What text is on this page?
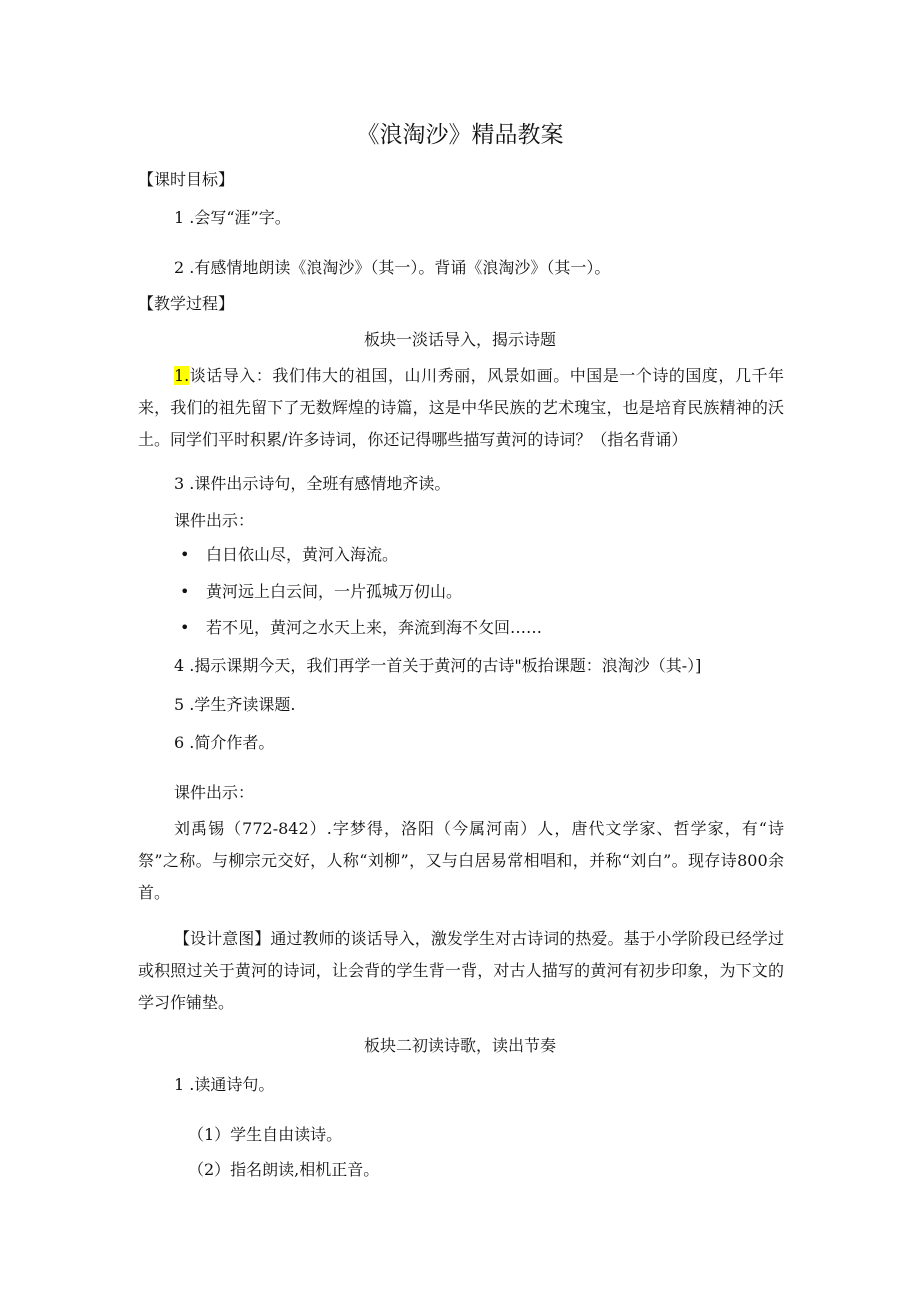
《浪淘沙》精品教案
【课时目标】
1 .会写“涯”字。
2 .有感情地朗读《浪淘沙》（其一）。背诵《浪淘沙》（其一）。
【教学过程】
板块一淡话导入，揭示诗题
1.谈话导入：我们伟大的祖国，山川秀丽，风景如画。中国是一个诗的国度，几千年来，我们的祖先留下了无数辉煌的诗篇，这是中华民族的艺术瑰宝，也是培育民族精神的沃土。同学们平时积累/许多诗词，你还记得哪些描写黄河的诗词？（指名背诵）
3 .课件出示诗句，全班有感情地齐读。
课件出示：
• 白日依山尽，黄河入海流。
• 黄河远上白云间，一片孤城万仞山。
• 若不见，黄河之水天上来，奔流到海不攵回……
4 .揭示课期今天，我们再学一首关于黄河的古诗"板抬课题：浪淘沙（其-）]
5 .学生齐读课题.
6 .简介作者。
课件出示：
刘禹锡（772-842）.字梦得，洛阳（今属河南）人，唐代文学家、哲学家，有“诗祭”之称。与柳宗元交好，人称“刘柳”，又与白居易常相唱和，并称“刘白”。现存诗800余首。
【设计意图】通过教师的谈话导入，激发学生对古诗词的热爱。基于小学阶段已经学过或积照过关于黄河的诗词，让会背的学生背一背，对古人描写的黄河有初步印象，为下文的学习作铺垫。
板块二初读诗歌，读出节奏
1 .读通诗句。
（1）学生自由读诗。
（2）指名朗读,相机正音。
